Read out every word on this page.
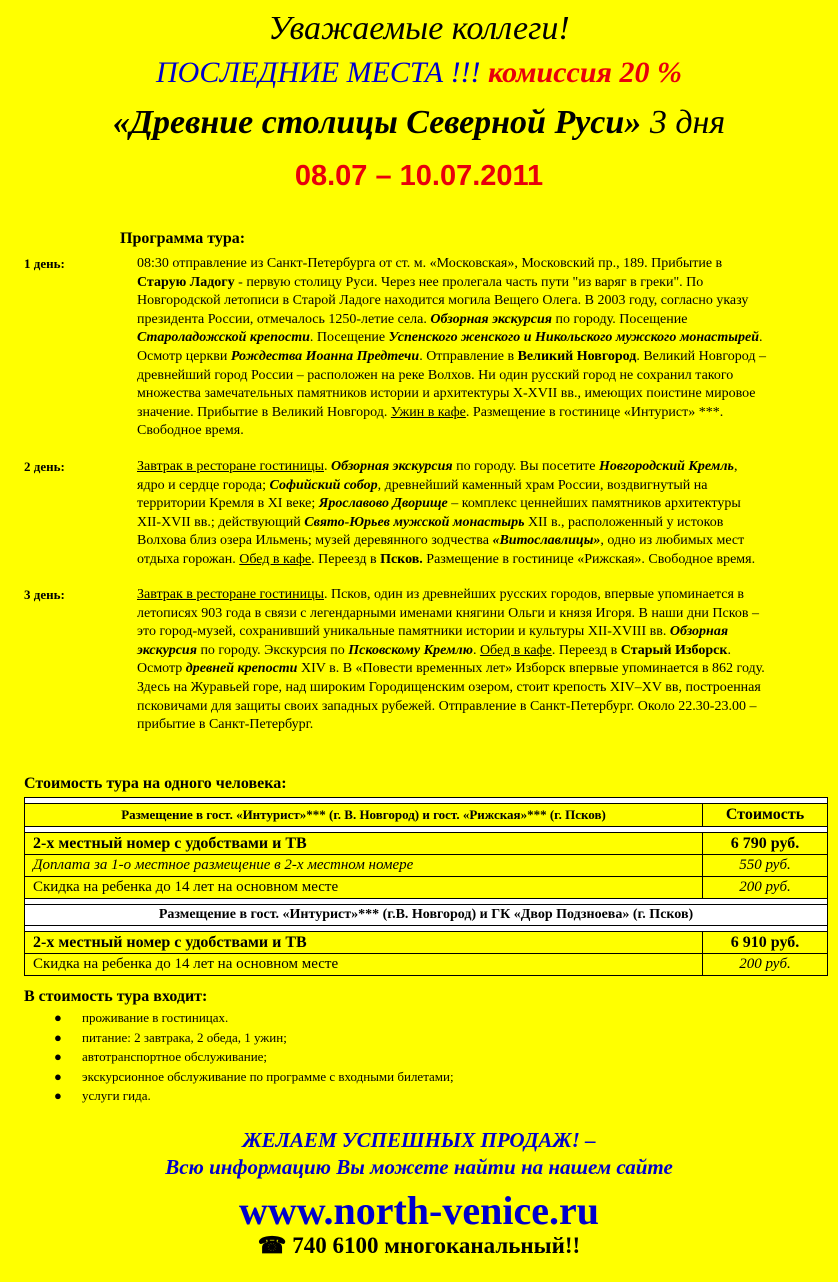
Уважаемые коллеги!
ПОСЛЕДНИЕ МЕСТА !!! комиссия 20 %
«Древние столицы Северной Руси» 3 дня
08.07 – 10.07.2011
Программа тура:
1 день:	08:30 отправление из Санкт-Петербурга от ст. м. «Московская», Московский пр., 189. Прибытие в Старую Ладогу - первую столицу Руси. Через нее пролегала часть пути "из варяг в греки". По Новгородской летописи в Старой Ладоге находится могила Вещего Олега. В 2003 году, согласно указу президента России, отмечалось 1250-летие села. Обзорная экскурсия по городу. Посещение Староладожской крепости. Посещение Успенского женского и Никольского мужского монастырей. Осмотр церкви Рождества Иоанна Предтечи. Отправление в Великий Новгород. Великий Новгород – древнейший город России – расположен на реке Волхов. Ни один русский город не сохранил такого множества замечательных памятников истории и архитектуры X-XVII вв., имеющих поистине мировое значение. Прибытие в Великий Новгород. Ужин в кафе. Размещение в гостинице «Интурист» ***. Свободное время.
2 день:	Завтрак в ресторане гостиницы. Обзорная экскурсия по городу. Вы посетите Новгородский Кремль, ядро и сердце города; Софийский собор, древнейший каменный храм России, воздвигнутый на территории Кремля в XI веке; Ярославово Дворище – комплекс ценнейших памятников архитектуры XII-XVII вв.; действующий Свято-Юрьев мужской монастырь XII в., расположенный у истоков Волхова близ озера Ильмень; музей деревянного зодчества «Витославлицы», одно из любимых мест отдыха горожан. Обед в кафе. Переезд в Псков. Размещение в гостинице «Рижская». Свободное время.
3 день:	Завтрак в ресторане гостиницы. Псков, один из древнейших русских городов, впервые упоминается в летописях 903 года в связи с легендарными именами княгини Ольги и князя Игоря. В наши дни Псков – это город-музей, сохранивший уникальные памятники истории и культуры XII-XVIII вв. Обзорная экскурсия по городу. Экскурсия по Псковскому Кремлю. Обед в кафе. Переезд в Старый Изборск. Осмотр древней крепости XIV в. В «Повести временных лет» Изборск впервые упоминается в 862 году. Здесь на Журавьей горе, над широким Городищенским озером, стоит крепость XIV–XV вв, построенная псковичами для защиты своих западных рубежей. Отправление в Санкт-Петербург. Около 22.30-23.00 – прибытие в Санкт-Петербург.
Стоимость тура на одного человека:

Размещение в гост. «Интурист»*** (г. В. Новгород) и гост. «Рижская»*** (г. Псков)	Стоимость

2-х местный номер с удобствами и ТВ	6 790 руб.
Доплата за 1-о местное размещение в 2-х местном номере	550 руб.
Скидка на ребенка до 14 лет на основном месте	200 руб.

Размещение в гост. «Интурист»*** (г.В. Новгород) и ГК «Двор Подзноева» (г. Псков)	

2-х местный номер с удобствами и ТВ	6 910 руб.
Скидка на ребенка до 14 лет на основном месте	200 руб.
В стоимость тура входит:
● проживание в гостиницах.
● питание: 2 завтрака, 2 обеда, 1 ужин;
● автотранспортное обслуживание;
● экскурсионное обслуживание по программе с входными билетами;
● услуги гида.
ЖЕЛАЕМ УСПЕШНЫХ ПРОДАЖ! –
Всю информацию Вы можете найти на нашем сайте
www.north-venice.ru
☎ 740 6100 многоканальный!!
